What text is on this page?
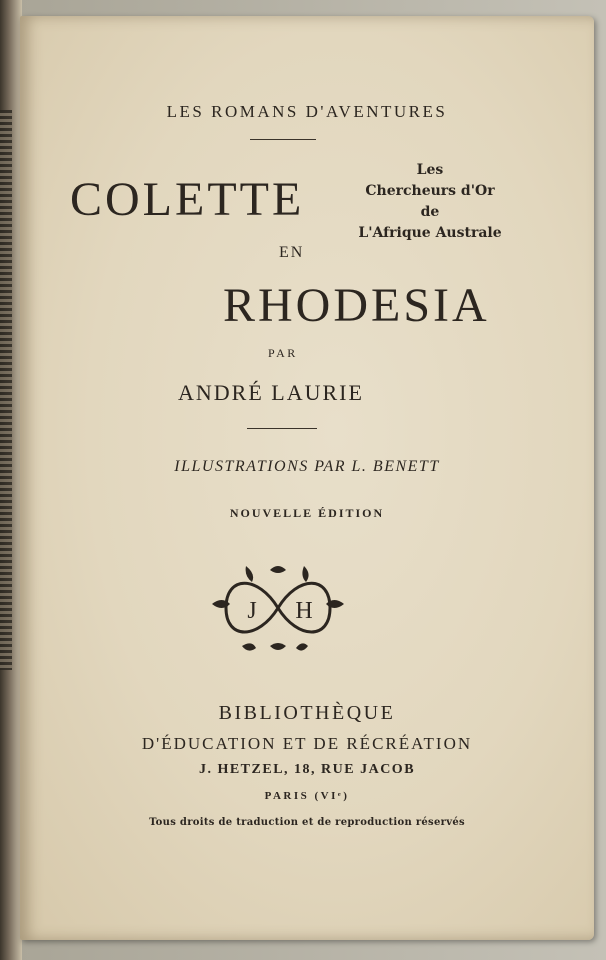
LES ROMANS D'AVENTURES
COLETTE
Les
Chercheurs d'Or
de
L'Afrique Australe
EN
RHODESIA
PAR
ANDRÉ LAURIE
ILLUSTRATIONS PAR L. BENETT
NOUVELLE ÉDITION
J H
BIBLIOTHÈQUE
D'ÉDUCATION ET DE RÉCRÉATION
J. HETZEL, 18, RUE JACOB
PARIS (VIᵉ)
Tous droits de traduction et de reproduction réservés
